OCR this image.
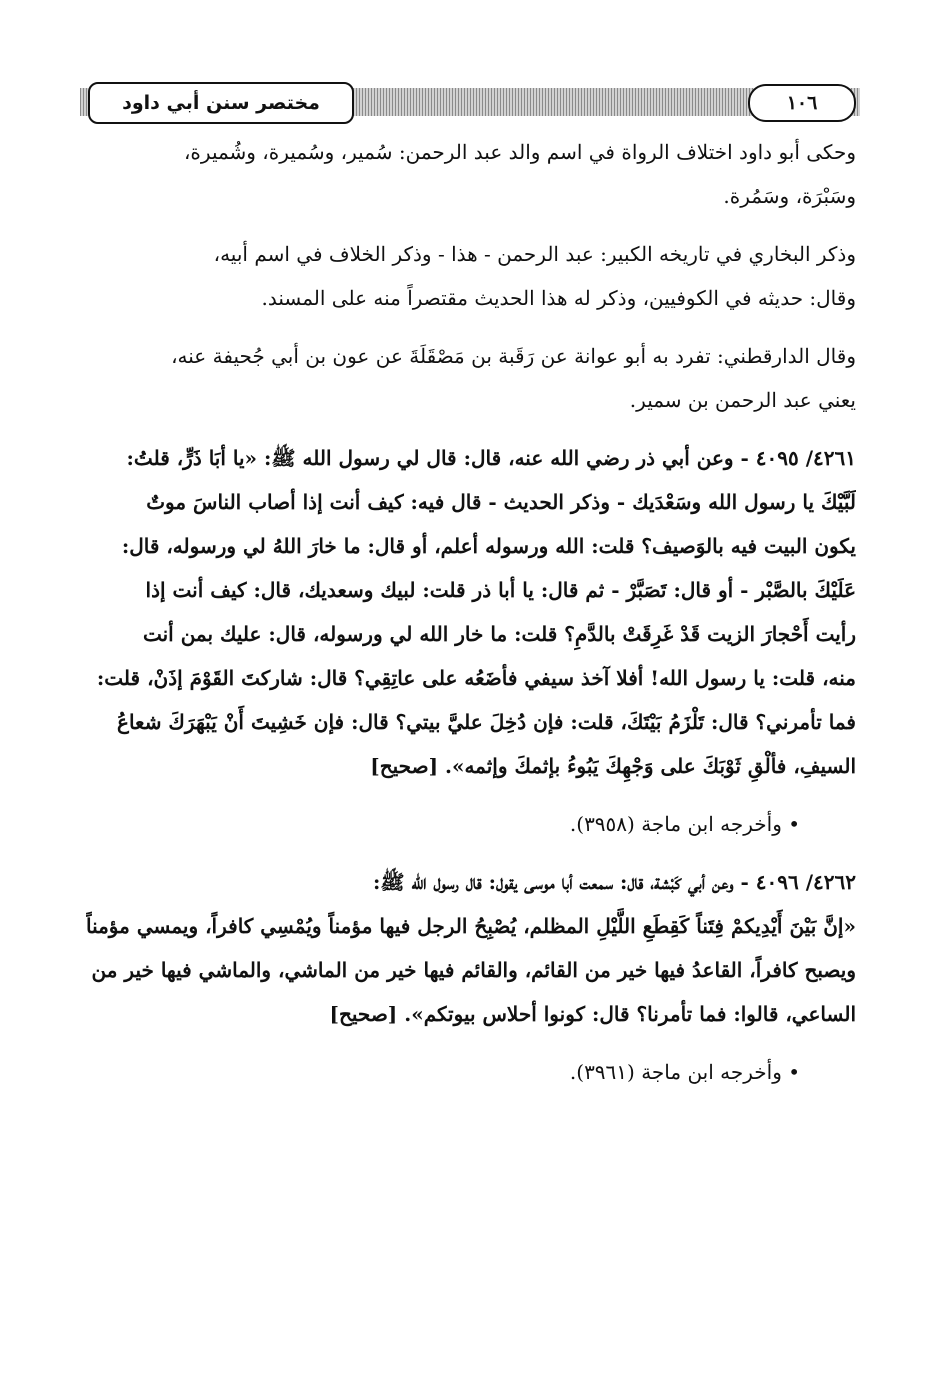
مختصر سنن أبي داود	١٠٦
وحكى أبو داود اختلاف الرواة في اسم والد عبد الرحمن: سُمير، وسُميرة، وشُميرة،
وسَبْرَة، وسَمُرة.
وذكر البخاري في تاريخه الكبير: عبد الرحمن - هذا - وذكر الخلاف في اسم أبيه،
وقال: حديثه في الكوفيين، وذكر له هذا الحديث مقتصراً منه على المسند.
وقال الدارقطني: تفرد به أبو عوانة عن رَقَبة بن مَصْقَلَةَ عن عون بن أبي جُحيفة عنه،
يعني عبد الرحمن بن سمير.
٤٢٦١/ ٤٠٩٥ - وعن أبي ذر رضي الله عنه، قال: قال لي رسول الله ﷺ: «يا أبَا ذَرٍّ، قلتُ:
لَبَّيْكَ يا رسول الله وسَعْدَيك - وذكر الحديث - قال فيه: كيف أنت إذا أصاب الناسَ موتٌ
يكون البيت فيه بالوَصيف؟ قلت: الله ورسوله أعلم، أو قال: ما خارَ اللهُ لي ورسوله، قال:
عَلَيْكَ بالصَّبْر - أو قال: تَصَبَّرْ - ثم قال: يا أبا ذر قلت: لبيك وسعديك، قال: كيف أنت إذا
رأيت أَحْجارَ الزيت قَدْ غَرِقَتْ بالدَّمِ؟ قلت: ما خار الله لي ورسوله، قال: عليك بمن أنت
منه، قلت: يا رسول الله! أفلا آخذ سيفي فأضَعُه على عاتِقِي؟ قال: شاركتَ القَوْمَ إذَنْ، قلت:
فما تأمرني؟ قال: تَلْزَمُ بَيْتَكَ، قلت: فإن دُخِلَ عليَّ بيتي؟ قال: فإن خَشِيتَ أَنْ يَبْهَرَكَ شعاعُ
السيفِ، فألْقِ ثَوْبَكَ على وَجْهِكَ يَبُوءُ بإثمكَ وإثمه». [صحيح]
• وأخرجه ابن ماجة (٣٩٥٨).
٤٢٦٢/ ٤٠٩٦ - وعن أبي كَبْشة، قال: سمعت أبا موسى يقول: قال رسول الله ﷺ:
«إنَّ بَيْنَ أَيْدِيكمْ فِتَناً كَقِطَعِ اللَّيْلِ المظلم، يُصْبِحُ الرجل فيها مؤمناً ويُمْسِي كافراً، ويمسي مؤمناً
ويصبح كافراً، القاعدُ فيها خير من القائم، والقائم فيها خير من الماشي، والماشي فيها خير من
الساعي، قالوا: فما تأمرنا؟ قال: كونوا أحلاس بيوتكم». [صحيح]
• وأخرجه ابن ماجة (٣٩٦١).
